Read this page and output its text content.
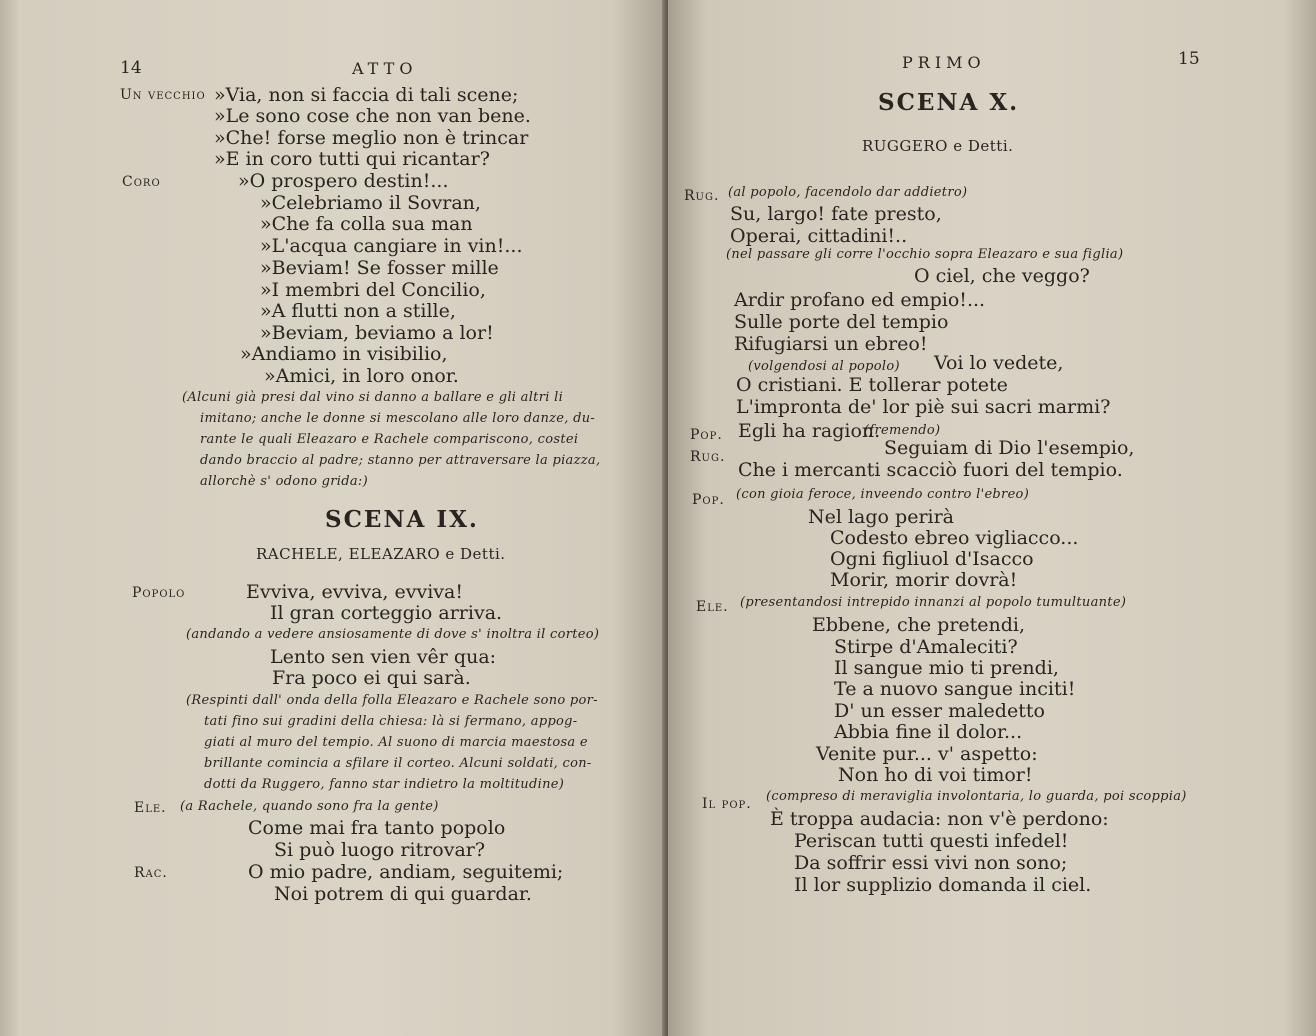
14	ATTO
Un vecchio »Via, non si faccia di tali scene;
»Le sono cose che non van bene.
»Che! forse meglio non è trincar
»E in coro tutti qui ricantar?
Coro	»O prospero destin!...
»Celebriamo il Sovran,
»Che fa colla sua man
»L'acqua cangiare in vin!...
»Beviam! Se fosser mille
»I membri del Concilio,
»A flutti non a stille,
»Beviam, beviamo a lor!
»Andiamo in visibilio,
»Amici, in loro onor.
(Alcuni già presi dal vino si danno a ballare e gli altri li
imitano; anche le donne si mescolano alle loro danze, du-
rante le quali Eleazaro e Rachele compariscono, costei
dando braccio al padre; stanno per attraversare la piazza,
allorchè s' odono grida:)
SCENA IX.
RACHELE, ELEAZARO e Detti.
Popolo	Evviva, evviva, evviva!
Il gran corteggio arriva.
(andando a vedere ansiosamente di dove s' inoltra il corteo)
Lento sen vien vêr qua:
Fra poco ei qui sarà.
(Respinti dall' onda della folla Eleazaro e Rachele sono por-
tati fino sui gradini della chiesa: là si fermano, appog-
giati al muro del tempio. Al suono di marcia maestosa e
brillante comincia a sfilare il corteo. Alcuni soldati, con-
dotti da Ruggero, fanno star indietro la moltitudine)
Ele. (a Rachele, quando sono fra la gente)
Come mai fra tanto popolo
Si può luogo ritrovar?
Rac.	O mio padre, andiam, seguitemi;
Noi potrem di qui guardar.
PRIMO	15
SCENA X.
RUGGERO e Detti.
Rug. (al popolo, facendolo dar addietro)
Su, largo! fate presto,
Operai, cittadini!..
(nel passare gli corre l'occhio sopra Eleazaro e sua figlia)
O ciel, che veggo?
Ardir profano ed empio!...
Sulle porte del tempio
Rifugiarsi un ebreo!
(volgendosi al popolo) Voi lo vedete,
O cristiani. E tollerar potete
L'impronta de' lor piè sui sacri marmi?
Pop. Egli ha ragion.
(fremendo)
Rug.	Seguiam di Dio l'esempio,
Che i mercanti scacciò fuori del tempio.
Pop. (con gioia feroce, inveendo contro l'ebreo)
Nel lago perirà
Codesto ebreo vigliacco...
Ogni figliuol d'Isacco
Morir, morir dovrà!
Ele. (presentandosi intrepido innanzi al popolo tumultuante)
Ebbene, che pretendi,
Stirpe d'Amaleciti?
Il sangue mio ti prendi,
Te a nuovo sangue inciti!
D' un esser maledetto
Abbia fine il dolor...
Venite pur... v' aspetto:
Non ho di voi timor!
Il pop. (compreso di meraviglia involontaria, lo guarda, poi scoppia)
È troppa audacia: non v'è perdono:
Periscan tutti questi infedel!
Da soffrir essi vivi non sono;
Il lor supplizio domanda il ciel.
